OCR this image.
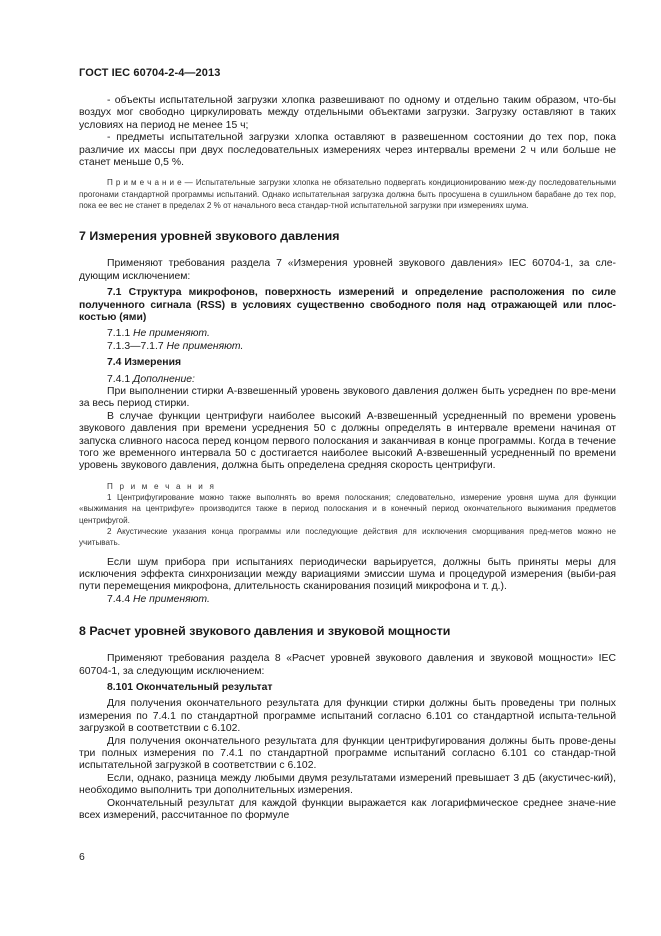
ГОСТ IEC 60704-2-4—2013

- объекты испытательной загрузки хлопка развешивают по одному и отдельно таким образом, что-бы воздух мог свободно циркулировать между отдельными объектами загрузки. Загрузку оставляют в таких условиях на период не менее 15 ч;

- предметы испытательной загрузки хлопка оставляют в развешенном состоянии до тех пор, пока различие их массы при двух последовательных измерениях через интервалы времени 2 ч или больше не станет меньше 0,5 %.

П р и м е ч а н и е — Испытательные загрузки хлопка не обязательно подвергать кондиционированию меж-ду последовательными прогонами стандартной программы испытаний. Однако испытательная загрузка должна быть просушена в сушильном барабане до тех пор, пока ее вес не станет в пределах 2 % от начального веса стандар-тной испытательной загрузки при измерениях шума.

7 Измерения уровней звукового давления

Применяют требования раздела 7 «Измерения уровней звукового давления» IEC 60704-1, за сле-дующим исключением:

7.1 Структура микрофонов, поверхность измерений и определение расположения по силе полученного сигнала (RSS) в условиях существенно свободного поля над отражающей или плос-костью (ями)

7.1.1 Не применяют.

7.1.3—7.1.7 Не применяют.

7.4 Измерения

7.4.1 Дополнение:

При выполнении стирки А-взвешенный уровень звукового давления должен быть усреднен по вре-мени за весь период стирки.

В случае функции центрифуги наиболее высокий А-взвешенный усредненный по времени уровень звукового давления при времени усреднения 50 с должны определять в интервале времени начиная от запуска сливного насоса перед концом первого полоскания и заканчивая в конце программы. Когда в течение того же временного интервала 50 с достигается наиболее высокий А-взвешенный усредненный по времени уровень звукового давления, должна быть определена средняя скорость центрифуги.

П р и м е ч а н и я

1 Центрифугирование можно также выполнять во время полоскания; следовательно, измерение уровня шума для функции «выжимания на центрифуге» производится также в период полоскания и в конечный период окончательного выжимания предметов центрифугой.

2 Акустические указания конца программы или последующие действия для исключения сморщивания пред-метов можно не учитывать.

Если шум прибора при испытаниях периодически варьируется, должны быть приняты меры для исключения эффекта синхронизации между вариациями эмиссии шума и процедурой измерения (выби-рая пути перемещения микрофона, длительность сканирования позиций микрофона и т. д.).

7.4.4 Не применяют.

8 Расчет уровней звукового давления и звуковой мощности

Применяют требования раздела 8 «Расчет уровней звукового давления и звуковой мощности» IEC 60704-1, за следующим исключением:

8.101 Окончательный результат

Для получения окончательного результата для функции стирки должны быть проведены три полных измерения по 7.4.1 по стандартной программе испытаний согласно 6.101 со стандартной испыта-тельной загрузкой в соответствии с 6.102.

Для получения окончательного результата для функции центрифугирования должны быть прове-дены три полных измерения по 7.4.1 по стандартной программе испытаний согласно 6.101 со стандар-тной испытательной загрузкой в соответствии с 6.102.

Если, однако, разница между любыми двумя результатами измерений превышает 3 дБ (акустичес-кий), необходимо выполнить три дополнительных измерения.

Окончательный результат для каждой функции выражается как логарифмическое среднее значе-ние всех измерений, рассчитанное по формуле

6
